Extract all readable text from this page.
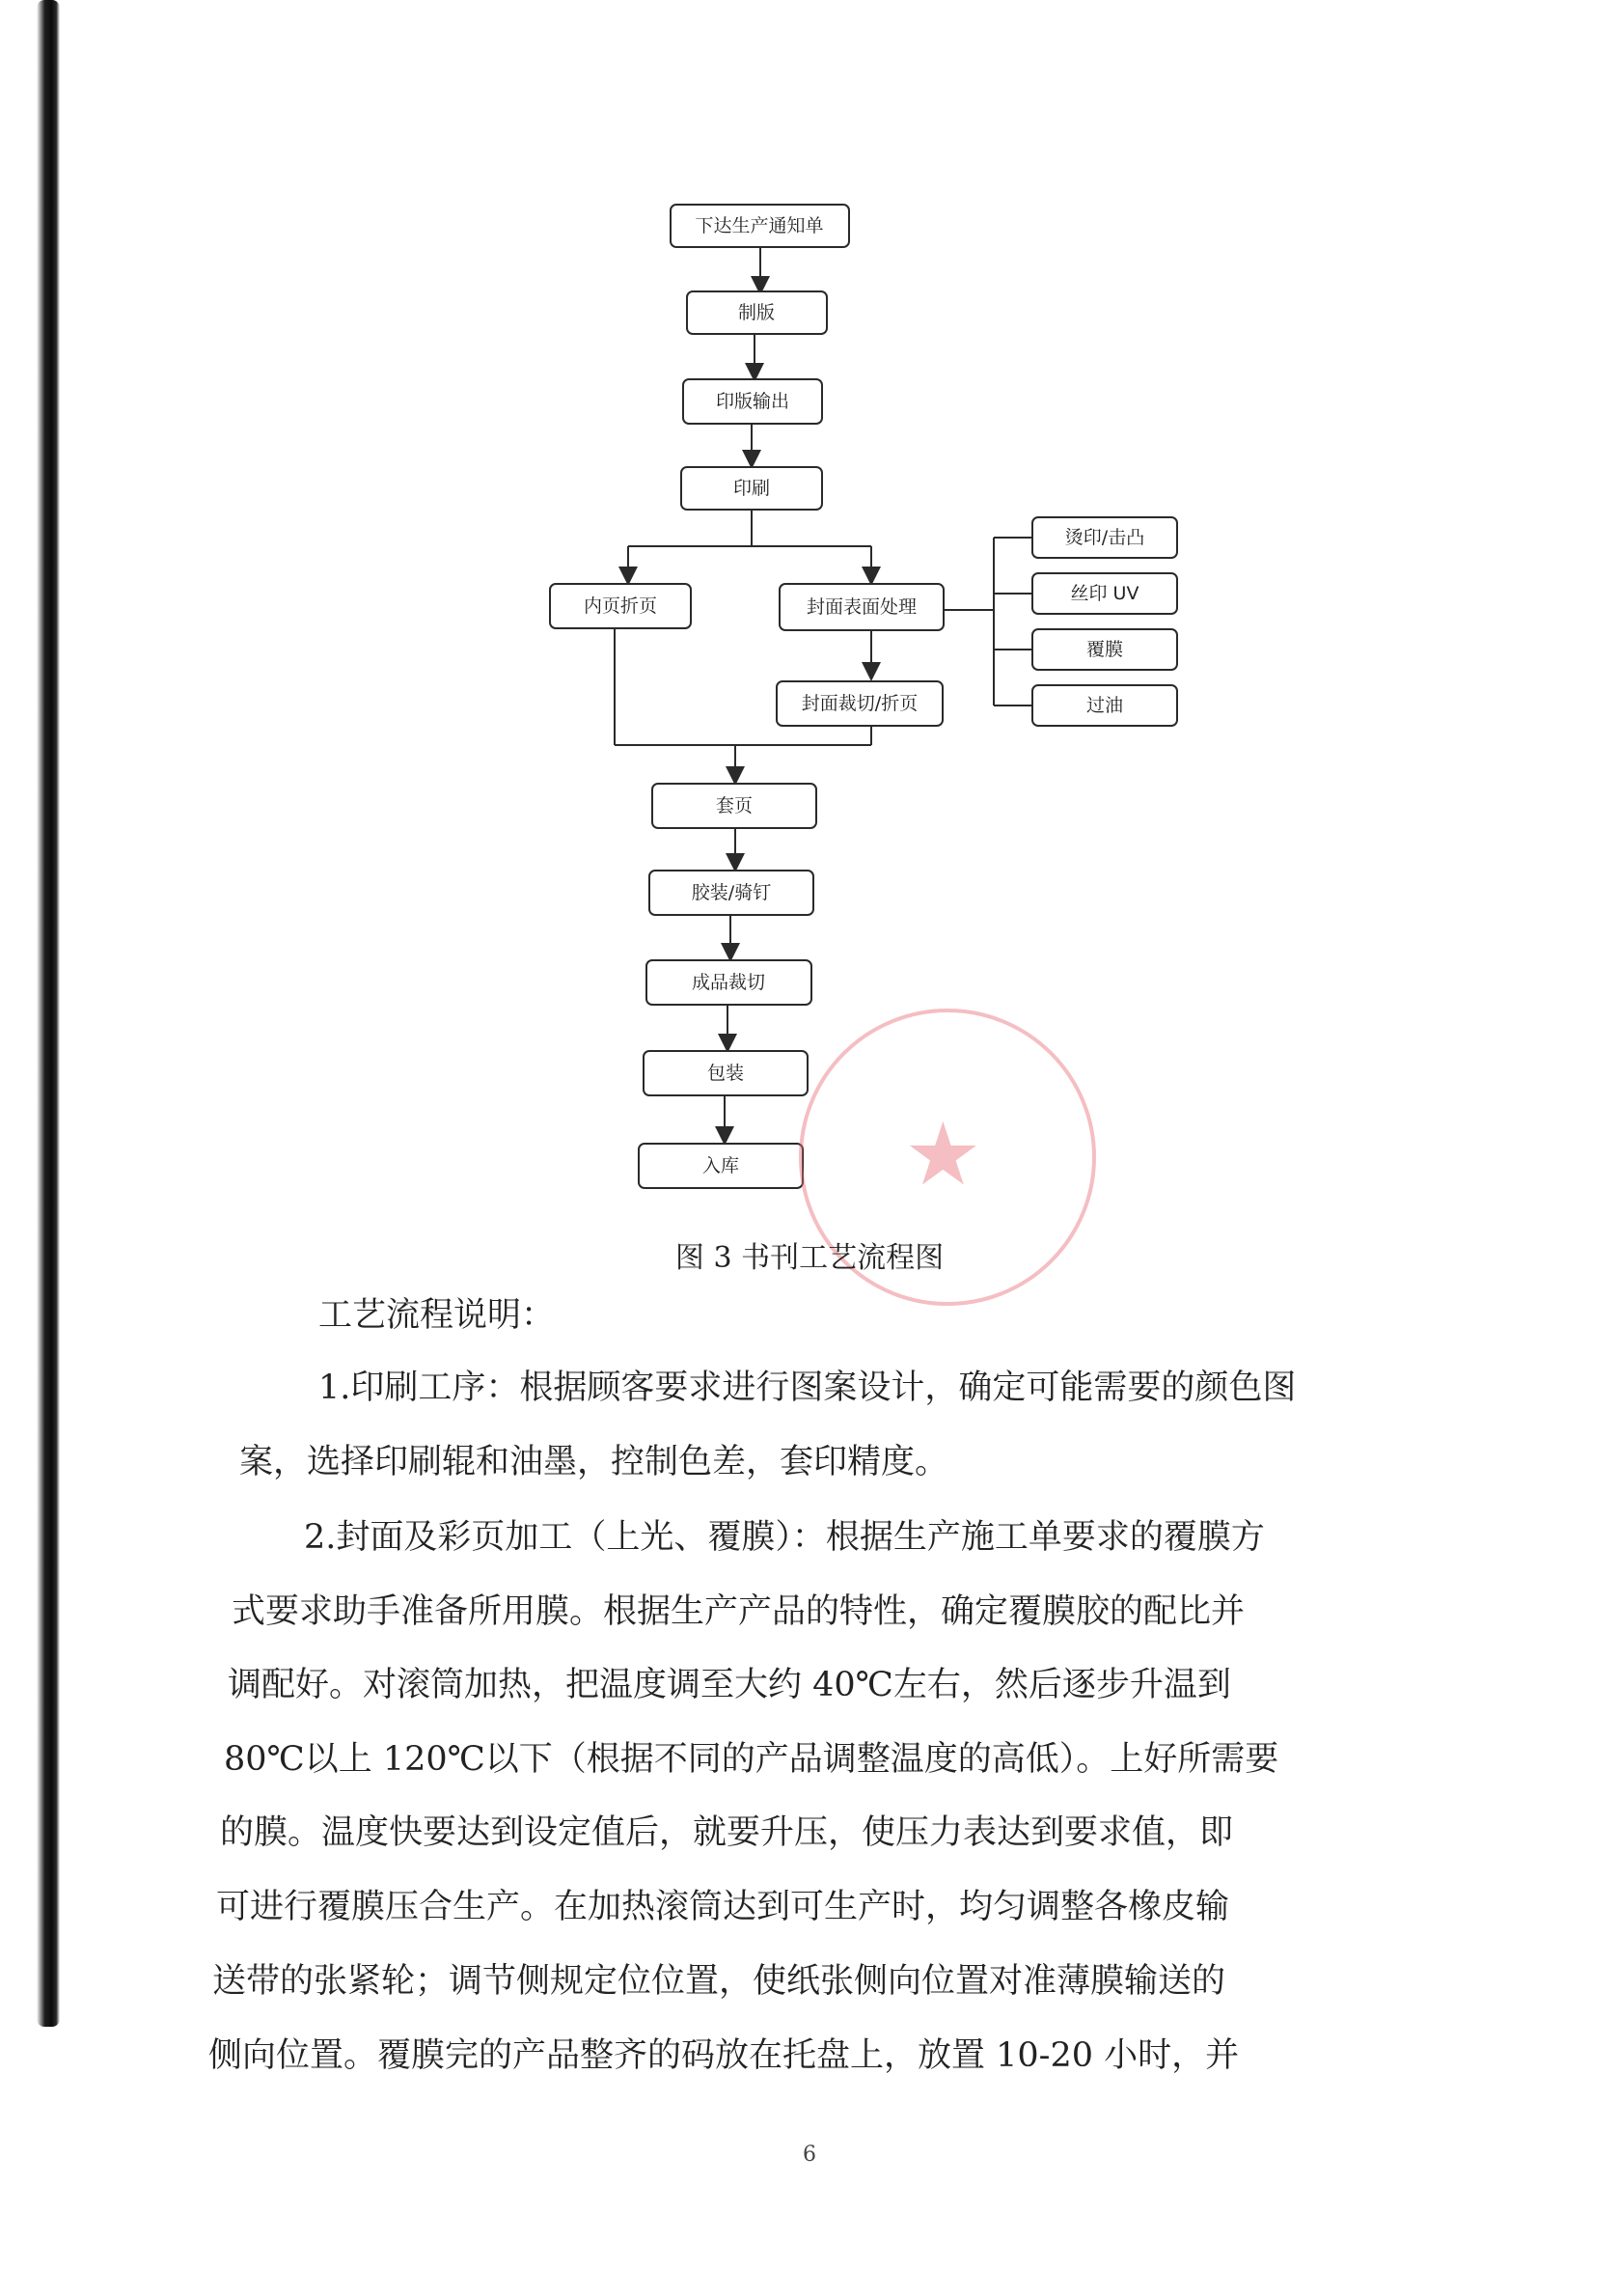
下达生产通知单
制版
印版输出
印刷
内页折页	封面表面处理
烫印/击凸
丝印 UV
覆膜
过油
封面裁切/折页
套页
胶装/骑钉
成品裁切
包装
入库 ★
图 3 书刊工艺流程图
工艺流程说明：
1.印刷工序：根据顾客要求进行图案设计，确定可能需要的颜色图
案，选择印刷辊和油墨，控制色差，套印精度。
2.封面及彩页加工（上光、覆膜）：根据生产施工单要求的覆膜方
式要求助手准备所用膜。根据生产产品的特性，确定覆膜胶的配比并
调配好。对滚筒加热，把温度调至大约 40℃左右，然后逐步升温到
80℃以上 120℃以下（根据不同的产品调整温度的高低）。上好所需要
的膜。温度快要达到设定值后，就要升压，使压力表达到要求值，即
可进行覆膜压合生产。在加热滚筒达到可生产时，均匀调整各橡皮输
送带的张紧轮；调节侧规定位位置，使纸张侧向位置对准薄膜输送的
侧向位置。覆膜完的产品整齐的码放在托盘上，放置 10-20 小时，并
6
